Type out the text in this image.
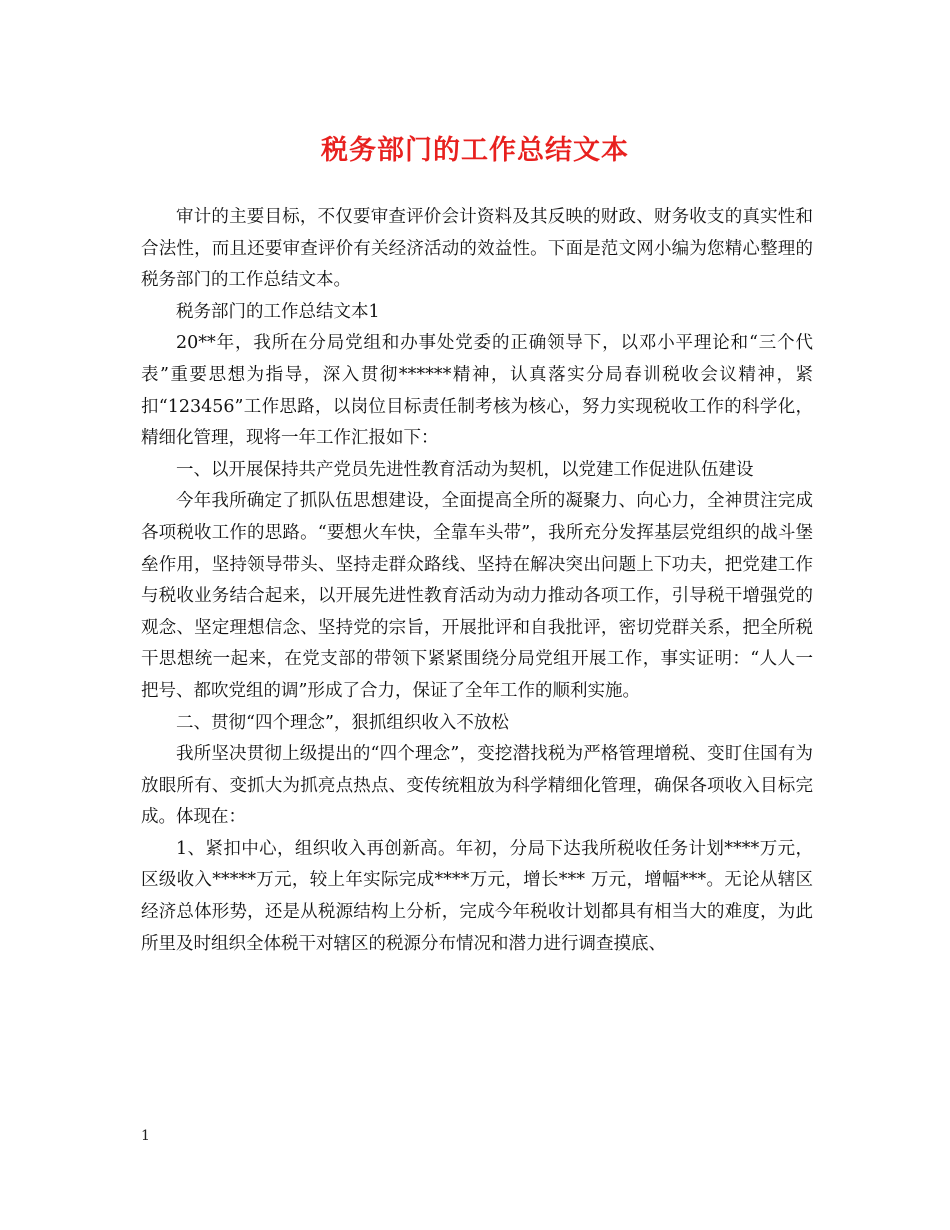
税务部门的工作总结文本

审计的主要目标，不仅要审查评价会计资料及其反映的财政、财务收支的真实性和合法性，而且还要审查评价有关经济活动的效益性。下面是范文网小编为您精心整理的税务部门的工作总结文本。

税务部门的工作总结文本1

20**年，我所在分局党组和办事处党委的正确领导下，以邓小平理论和“三个代表”重要思想为指导，深入贯彻******精神，认真落实分局春训税收会议精神，紧扣“123456”工作思路，以岗位目标责任制考核为核心，努力实现税收工作的科学化，精细化管理，现将一年工作汇报如下：

一、以开展保持共产党员先进性教育活动为契机，以党建工作促进队伍建设

今年我所确定了抓队伍思想建设，全面提高全所的凝聚力、向心力，全神贯注完成各项税收工作的思路。“要想火车快，全靠车头带”，我所充分发挥基层党组织的战斗堡垒作用，坚持领导带头、坚持走群众路线、坚持在解决突出问题上下功夫，把党建工作与税收业务结合起来，以开展先进性教育活动为动力推动各项工作，引导税干增强党的观念、坚定理想信念、坚持党的宗旨，开展批评和自我批评，密切党群关系，把全所税干思想统一起来，在党支部的带领下紧紧围绕分局党组开展工作，事实证明：“人人一把号、都吹党组的调”形成了合力，保证了全年工作的顺利实施。

二、贯彻“四个理念”，狠抓组织收入不放松

我所坚决贯彻上级提出的“四个理念”，变挖潜找税为严格管理增税、变盯住国有为放眼所有、变抓大为抓亮点热点、变传统粗放为科学精细化管理，确保各项收入目标完成。体现在：

1、紧扣中心，组织收入再创新高。年初，分局下达我所税收任务计划****万元，区级收入*****万元，较上年实际完成****万元，增长*** 万元，增幅***。无论从辖区经济总体形势，还是从税源结构上分析，完成今年税收计划都具有相当大的难度，为此所里及时组织全体税干对辖区的税源分布情况和潜力进行调查摸底、

1
